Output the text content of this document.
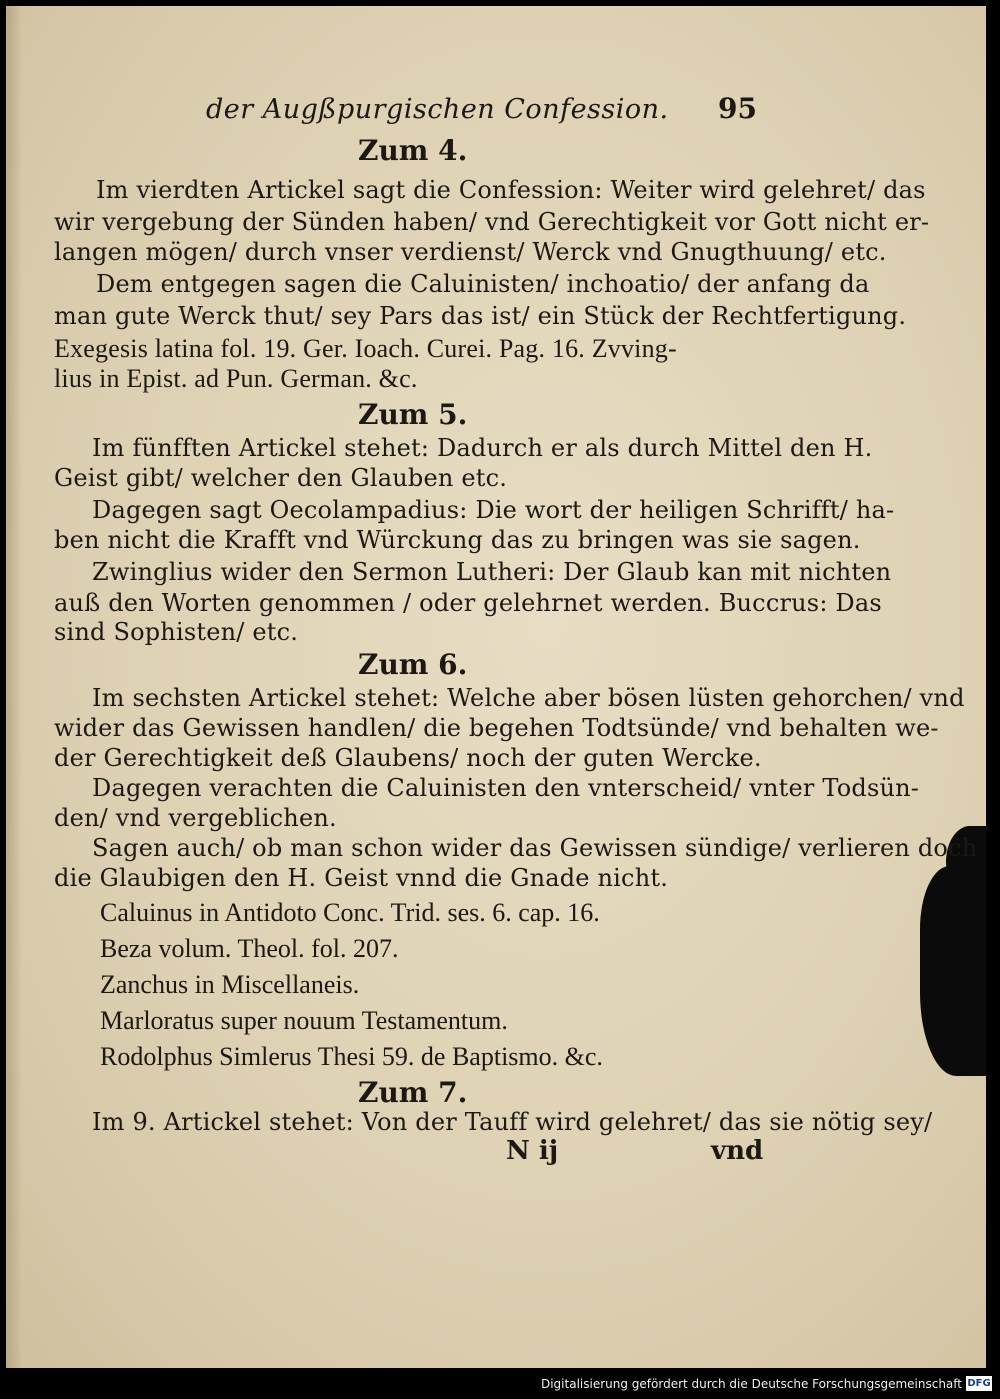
der Augßpurgischen Confession. 95
Zum 4.
Im vierdten Artickel sagt die Confession: Weiter wird gelehret/ das
wir vergebung der Sünden haben/ vnd Gerechtigkeit vor Gott nicht er-
langen mögen/ durch vnser verdienst/ Werck vnd Gnugthuung/ etc.
Dem entgegen sagen die Caluinisten/ inchoatio/ der anfang da
man gute Werck thut/ sey Pars das ist/ ein Stück der Rechtfertigung.
Exegesis latina fol. 19. Ger. Ioach. Curei. Pag. 16. Zvving-
lius in Epist. ad Pun. German. &c.
Zum 5.
Im fünfften Artickel stehet: Dadurch er als durch Mittel den H.
Geist gibt/ welcher den Glauben etc.
Dagegen sagt Oecolampadius: Die wort der heiligen Schrifft/ ha-
ben nicht die Krafft vnd Würckung das zu bringen was sie sagen.
Zwinglius wider den Sermon Lutheri: Der Glaub kan mit nichten
auß den Worten genommen / oder gelehrnet werden. Buccrus: Das
sind Sophisten/ etc.
Zum 6.
Im sechsten Artickel stehet: Welche aber bösen lüsten gehorchen/ vnd
wider das Gewissen handlen/ die begehen Todtsünde/ vnd behalten we-
der Gerechtigkeit deß Glaubens/ noch der guten Wercke.
Dagegen verachten die Caluinisten den vnterscheid/ vnter Todsün-
den/ vnd vergeblichen.
Sagen auch/ ob man schon wider das Gewissen sündige/ verlieren doch
die Glaubigen den H. Geist vnnd die Gnade nicht.
Caluinus in Antidoto Conc. Trid. ses. 6. cap. 16.
Beza volum. Theol. fol. 207.
Zanchus in Miscellaneis.
Marloratus super nouum Testamentum.
Rodolphus Simlerus Thesi 59. de Baptismo. &c.
Zum 7.
Im 9. Artickel stehet: Von der Tauff wird gelehret/ das sie nötig sey/
N ij	vnd
Digitalisierung gefördert durch die Deutsche Forschungsgemeinschaft DFG
